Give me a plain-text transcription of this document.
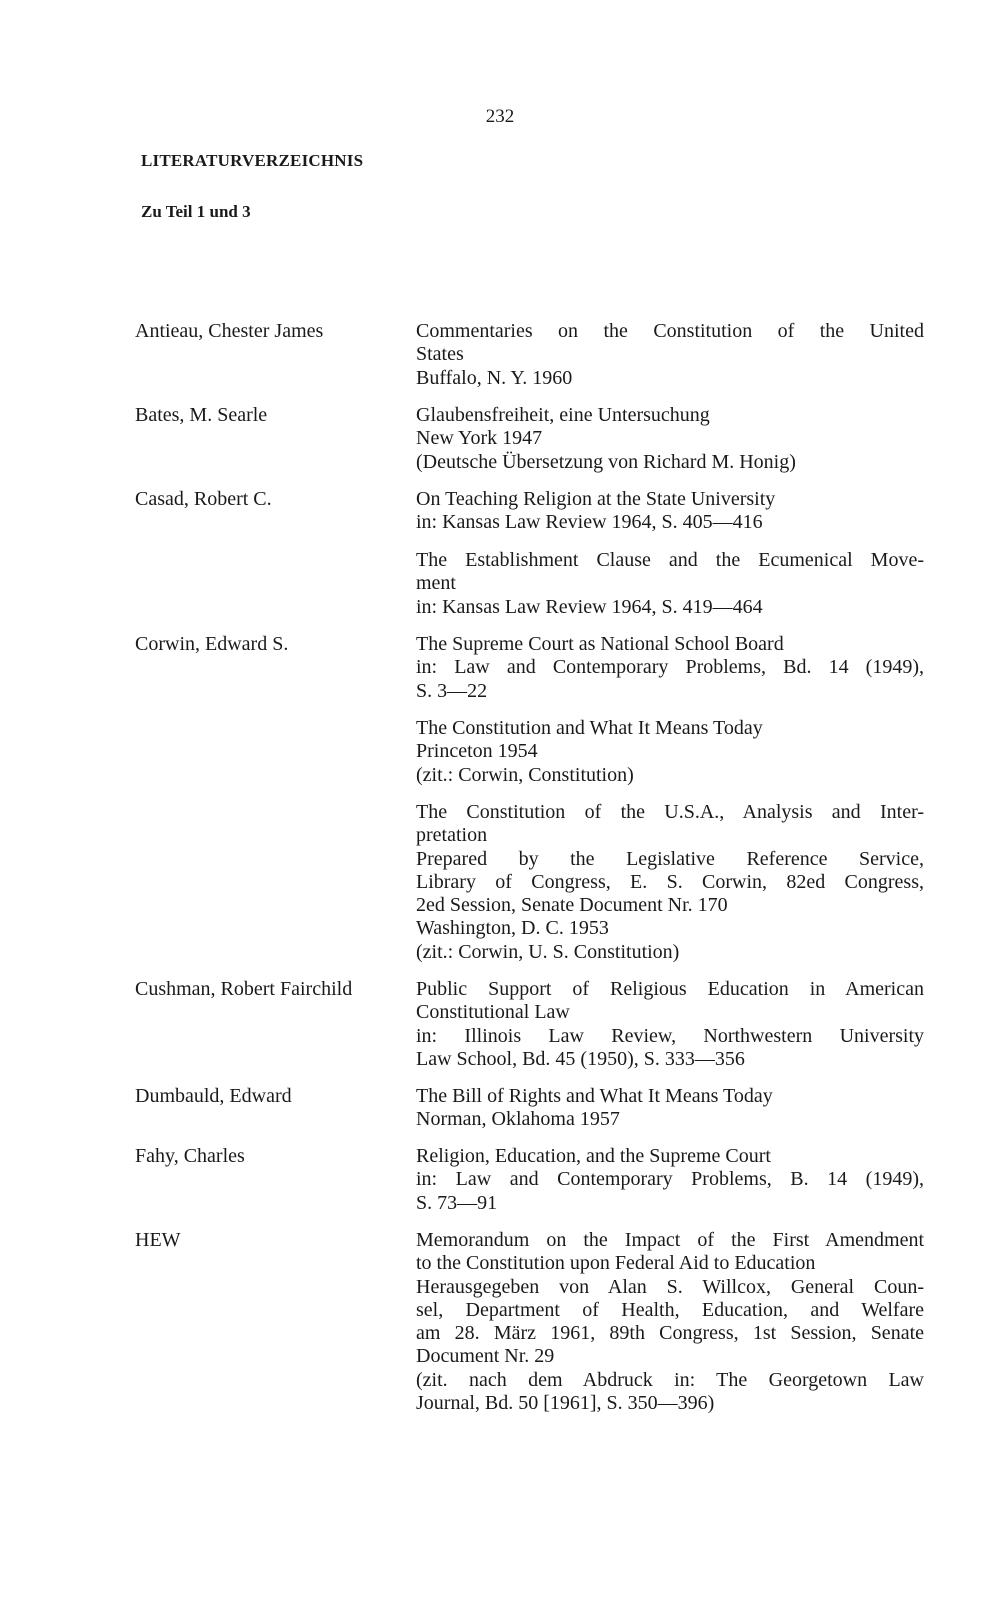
232
LITERATURVERZEICHNIS
Zu Teil 1 und 3
Antieau, Chester James	Commentaries on the Constitution of the United
States
Buffalo, N. Y. 1960
Bates, M. Searle	Glaubensfreiheit, eine Untersuchung
New York 1947
(Deutsche Übersetzung von Richard M. Honig)
Casad, Robert C.	On Teaching Religion at the State University
in: Kansas Law Review 1964, S. 405—416
The Establishment Clause and the Ecumenical Move-
ment
in: Kansas Law Review 1964, S. 419—464
Corwin, Edward S.	The Supreme Court as National School Board
in: Law and Contemporary Problems, Bd. 14 (1949),
S. 3—22
The Constitution and What It Means Today
Princeton 1954
(zit.: Corwin, Constitution)
The Constitution of the U.S.A., Analysis and Inter-
pretation
Prepared by the Legislative Reference Service,
Library of Congress, E. S. Corwin, 82ed Congress,
2ed Session, Senate Document Nr. 170
Washington, D. C. 1953
(zit.: Corwin, U. S. Constitution)
Cushman, Robert Fairchild	Public Support of Religious Education in American
Constitutional Law
in: Illinois Law Review, Northwestern University
Law School, Bd. 45 (1950), S. 333—356
Dumbauld, Edward	The Bill of Rights and What It Means Today
Norman, Oklahoma 1957
Fahy, Charles	Religion, Education, and the Supreme Court
in: Law and Contemporary Problems, B. 14 (1949),
S. 73—91
HEW	Memorandum on the Impact of the First Amendment
to the Constitution upon Federal Aid to Education
Herausgegeben von Alan S. Willcox, General Coun-
sel, Department of Health, Education, and Welfare
am 28. März 1961, 89th Congress, 1st Session, Senate
Document Nr. 29
(zit. nach dem Abdruck in: The Georgetown Law
Journal, Bd. 50 [1961], S. 350—396)
